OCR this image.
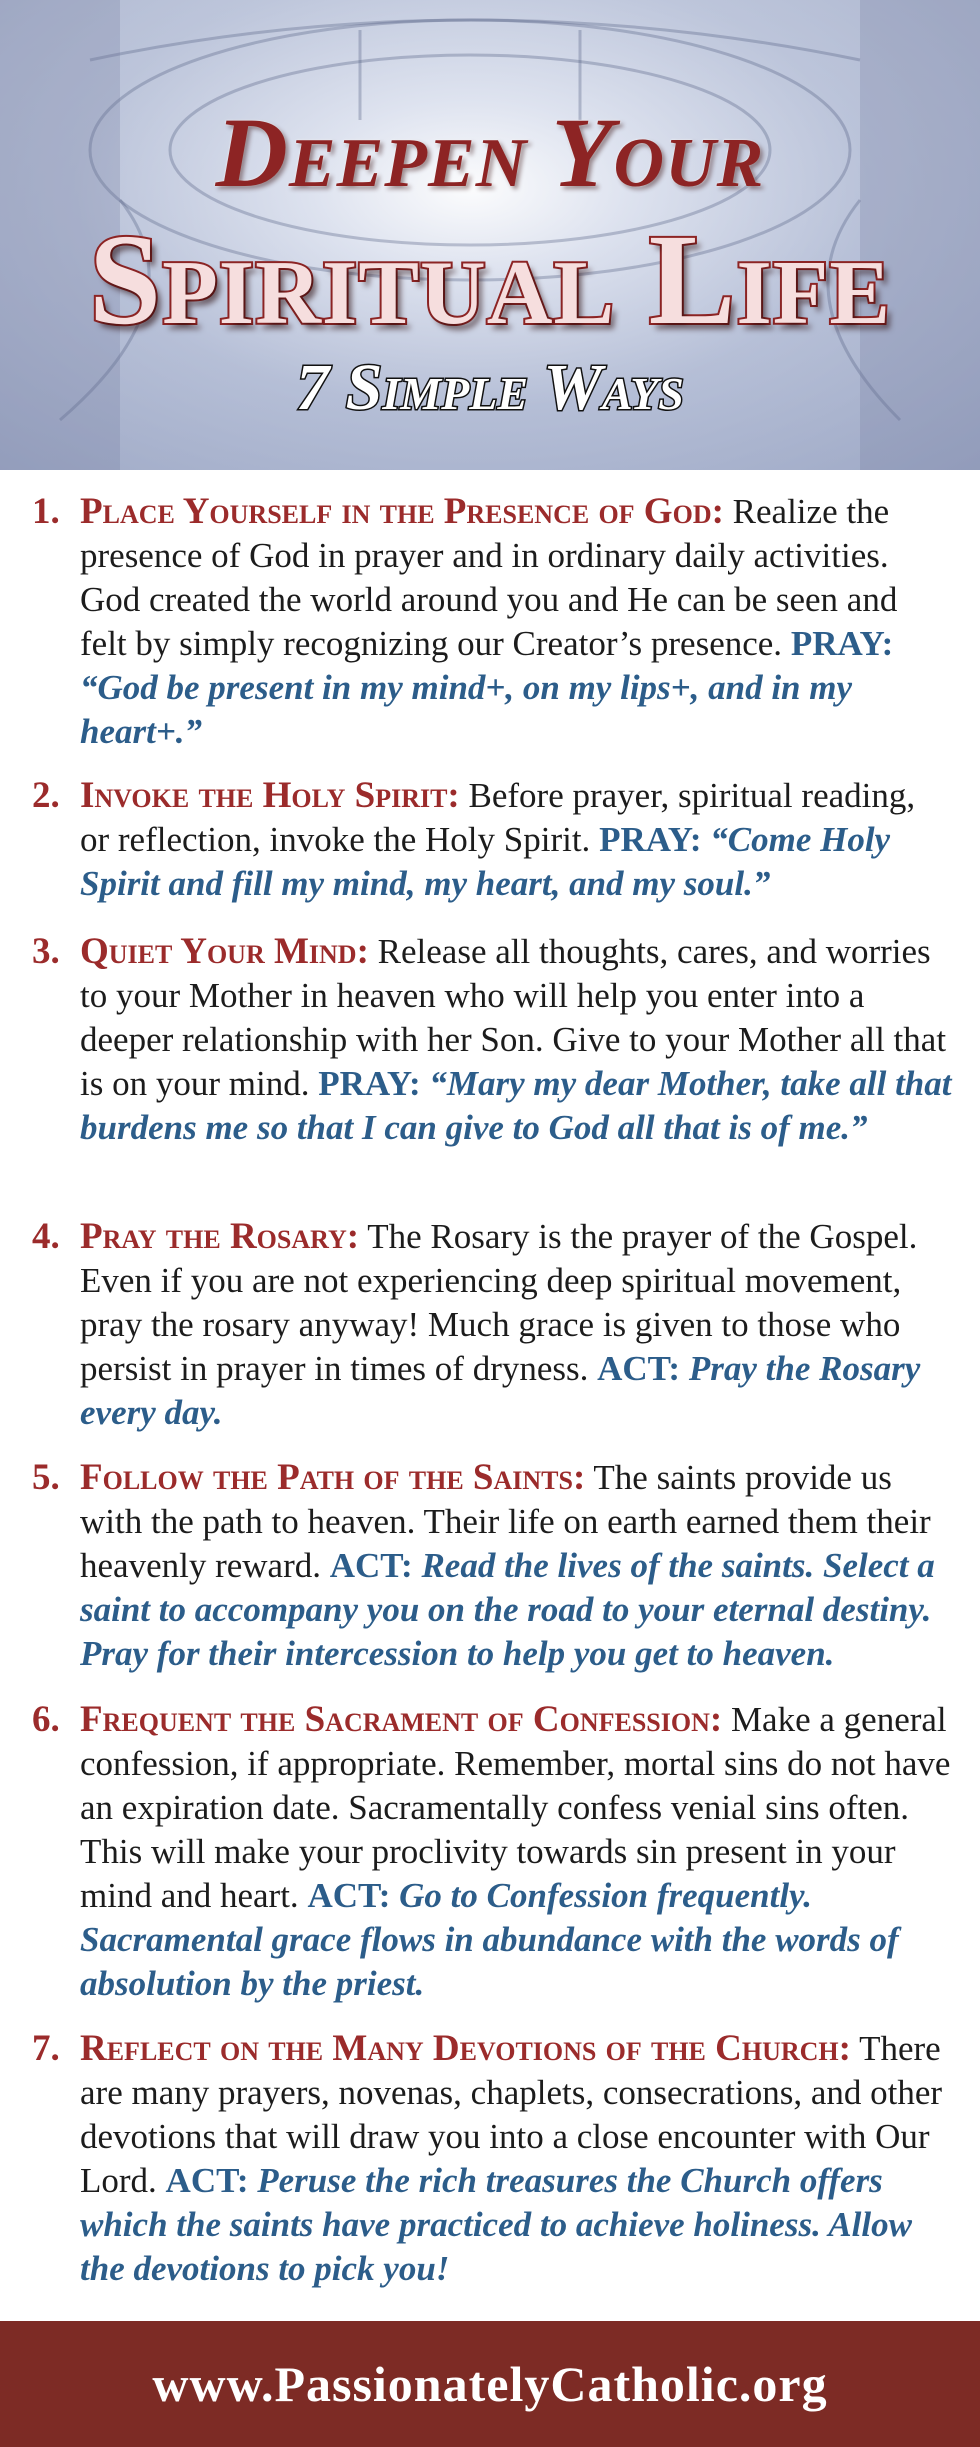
Deepen Your
Spiritual Life
7 Simple Ways
1. Place Yourself in the Presence of God: Realize the presence of God in prayer and in ordinary daily activities. God created the world around you and He can be seen and felt by simply recognizing our Creator’s presence. PRAY: “God be present in my mind+, on my lips+, and in my heart+.”
2. Invoke the Holy Spirit: Before prayer, spiritual reading, or reflection, invoke the Holy Spirit. PRAY: “Come Holy Spirit and fill my mind, my heart, and my soul.”
3. Quiet Your Mind: Release all thoughts, cares, and worries to your Mother in heaven who will help you enter into a deeper relationship with her Son. Give to your Mother all that is on your mind. PRAY: “Mary my dear Mother, take all that burdens me so that I can give to God all that is of me.”
4. Pray the Rosary: The Rosary is the prayer of the Gospel. Even if you are not experiencing deep spiritual movement, pray the rosary anyway! Much grace is given to those who persist in prayer in times of dryness. ACT: Pray the Rosary every day.
5. Follow the Path of the Saints: The saints provide us with the path to heaven. Their life on earth earned them their heavenly reward. ACT: Read the lives of the saints. Select a saint to accompany you on the road to your eternal destiny. Pray for their intercession to help you get to heaven.
6. Frequent the Sacrament of Confession: Make a general confession, if appropriate. Remember, mortal sins do not have an expiration date. Sacramentally confess venial sins often. This will make your proclivity towards sin present in your mind and heart. ACT: Go to Confession frequently. Sacramental grace flows in abundance with the words of absolution by the priest.
7. Reflect on the Many Devotions of the Church: There are many prayers, novenas, chaplets, consecrations, and other devotions that will draw you into a close encounter with Our Lord. ACT: Peruse the rich treasures the Church offers which the saints have practiced to achieve holiness. Allow the devotions to pick you!
www.PassionatelyCatholic.org
